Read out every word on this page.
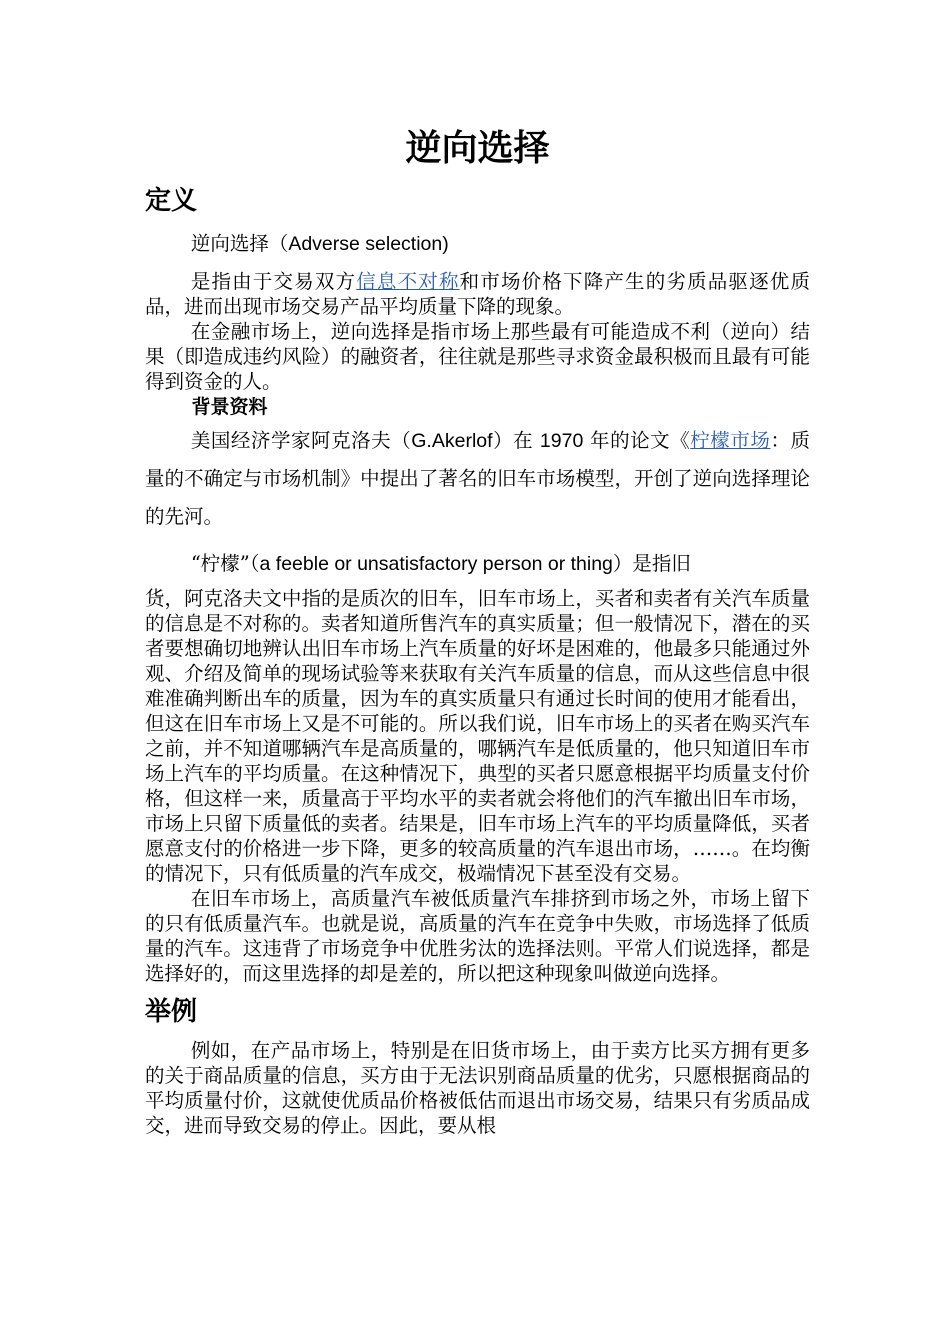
逆向选择
定义

逆向选择（Adverse selection)

是指由于交易双方信息不对称和市场价格下降产生的劣质品驱逐优质品，进而出现市场交易产品平均质量下降的现象。

在金融市场上，逆向选择是指市场上那些最有可能造成不利（逆向）结果（即造成违约风险）的融资者，往往就是那些寻求资金最积极而且最有可能得到资金的人。

背景资料

美国经济学家阿克洛夫（G.Akerlof）在 1970 年的论文《柠檬市场：质量的不确定与市场机制》中提出了著名的旧车市场模型，开创了逆向选择理论的先河。

“柠檬”（a feeble or unsatisfactory person or thing）是指旧

货，阿克洛夫文中指的是质次的旧车，旧车市场上，买者和卖者有关汽车质量的信息是不对称的。卖者知道所售汽车的真实质量；但一般情况下，潜在的买者要想确切地辨认出旧车市场上汽车质量的好坏是困难的，他最多只能通过外观、介绍及简单的现场试验等来获取有关汽车质量的信息，而从这些信息中很难准确判断出车的质量，因为车的真实质量只有通过长时间的使用才能看出，但这在旧车市场上又是不可能的。所以我们说，旧车市场上的买者在购买汽车之前，并不知道哪辆汽车是高质量的，哪辆汽车是低质量的，他只知道旧车市场上汽车的平均质量。在这种情况下，典型的买者只愿意根据平均质量支付价格，但这样一来，质量高于平均水平的卖者就会将他们的汽车撤出旧车市场，市场上只留下质量低的卖者。结果是，旧车市场上汽车的平均质量降低，买者愿意支付的价格进一步下降，更多的较高质量的汽车退出市场，……。在均衡的情况下，只有低质量的汽车成交，极端情况下甚至没有交易。

在旧车市场上，高质量汽车被低质量汽车排挤到市场之外，市场上留下的只有低质量汽车。也就是说，高质量的汽车在竞争中失败，市场选择了低质量的汽车。这违背了市场竞争中优胜劣汰的选择法则。平常人们说选择，都是选择好的，而这里选择的却是差的，所以把这种现象叫做逆向选择。

举例

例如，在产品市场上，特别是在旧货市场上，由于卖方比买方拥有更多的关于商品质量的信息，买方由于无法识别商品质量的优劣，只愿根据商品的平均质量付价，这就使优质品价格被低估而退出市场交易，结果只有劣质品成交，进而导致交易的停止。因此，要从根
